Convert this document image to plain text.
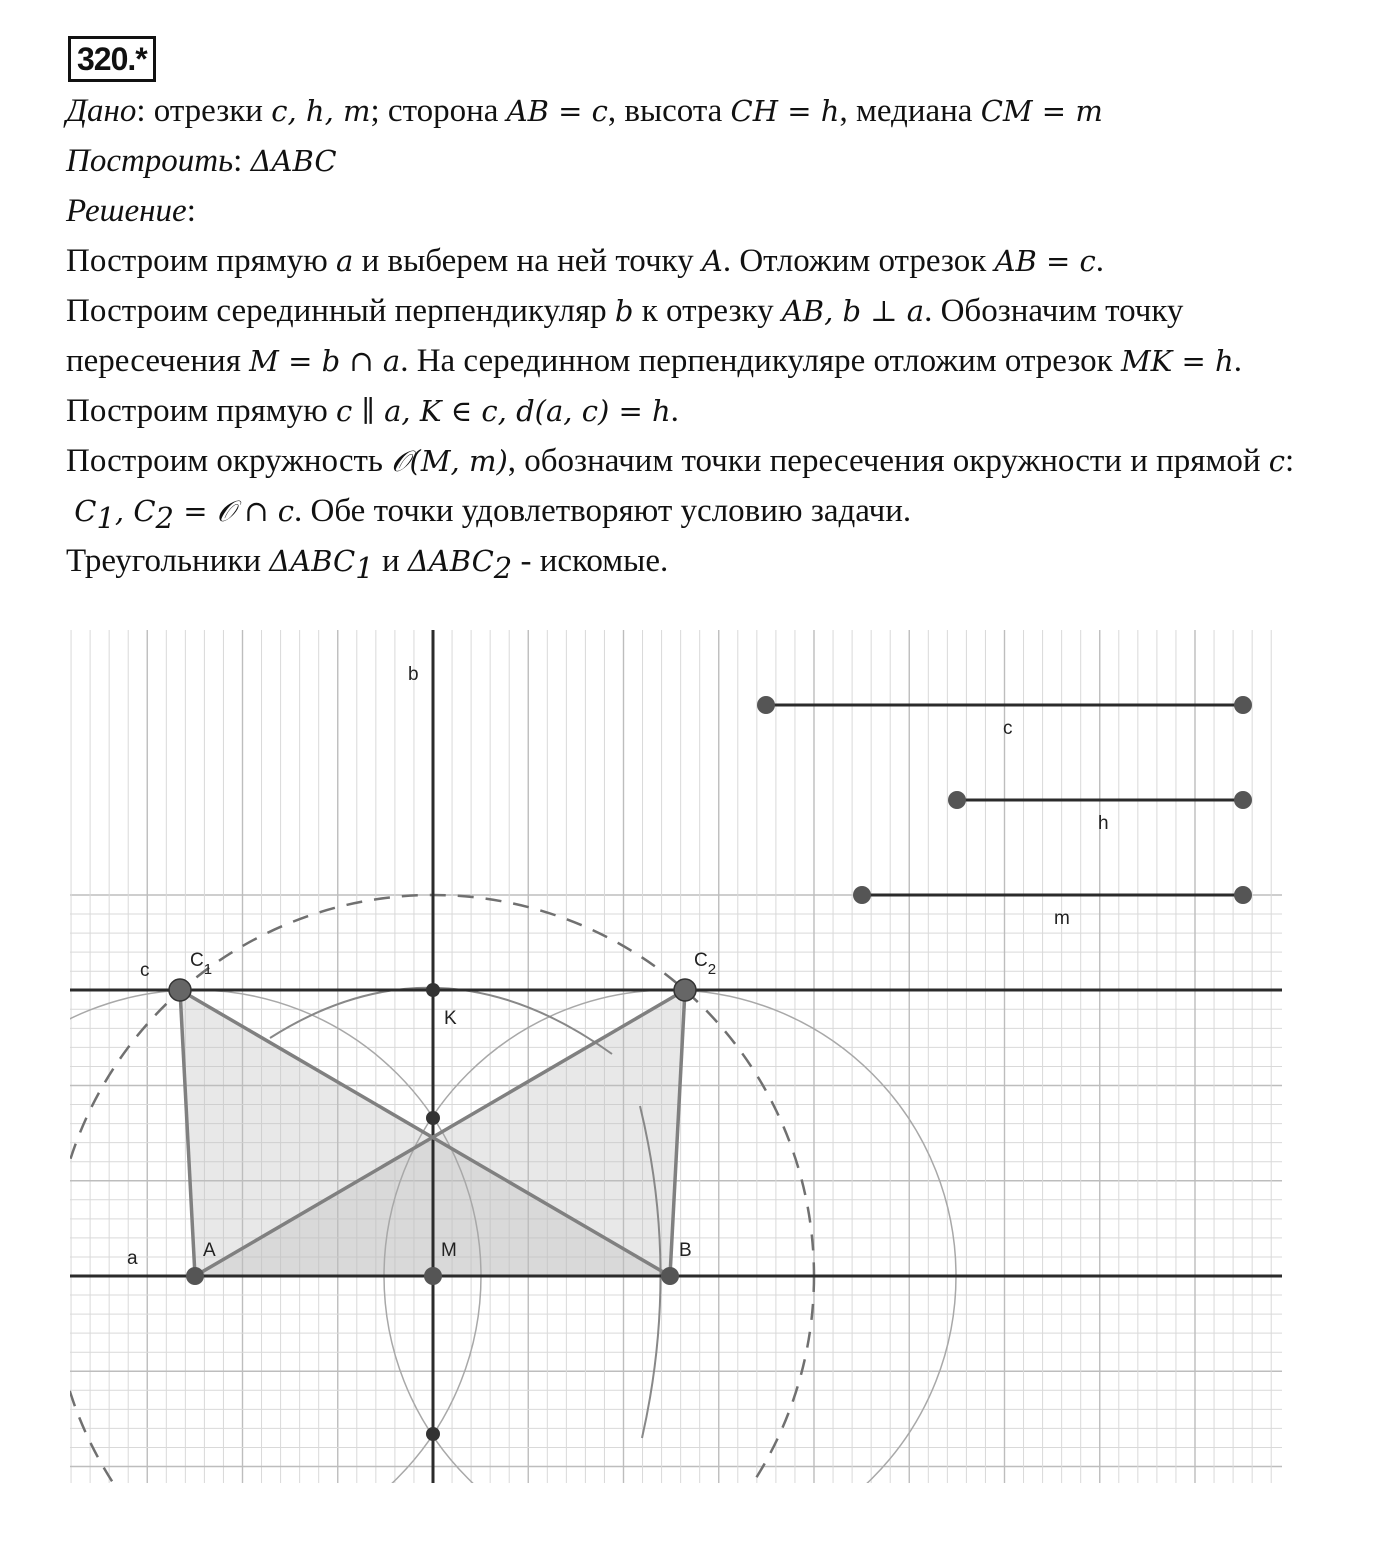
320.*
Дано: отрезки c, h, m; сторона AB = c, высота CH = h, медиана CM = m
Построить: ΔABC
Решение:
Построим прямую a и выберем на ней точку A. Отложим отрезок AB = c.
Построим серединный перпендикуляр b к отрезку AB, b ⊥ a. Обозначим точку
пересечения M = b ∩ a. На серединном перпендикуляре отложим отрезок MK = h.
Построим прямую c ∥ a, K ∈ c, d(a, c) = h.
Построим окружность 𝒪(M, m), обозначим точки пересечения окружности и прямой c:
$C_1$, $C_2$ = 𝒪 ∩ c. Обе точки удовлетворяют условию задачи.
Треугольники $\Delta ABC_1$ и $\Delta ABC_2$ - искомые.
b
c
a	A	B
M
K
$C_1$	$C_2$
c
h
m
